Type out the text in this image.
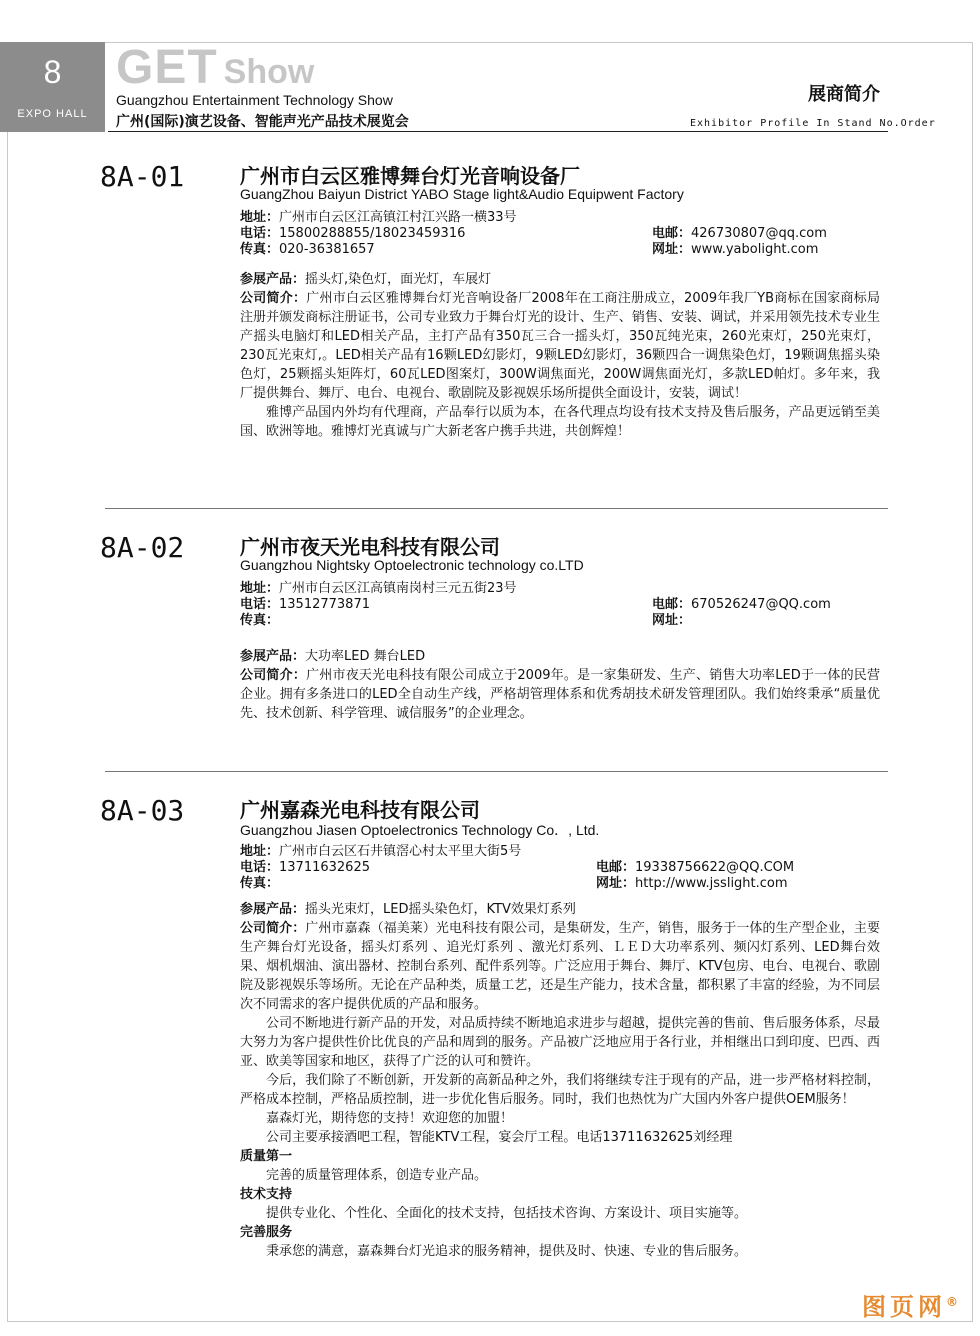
8
EXPO HALL
GET Show
Guangzhou Entertainment Technology Show
广州(国际)演艺设备、智能声光产品技术展览会
展商简介
Exhibitor Profile In Stand No.Order
8A-01	广州市白云区雅博舞台灯光音响设备厂
GuangZhou Baiyun District YABO Stage light&Audio Equipwent Factory
地址：广州市白云区江高镇江村江兴路一横33号
电话：15800288855/18023459316
传真：020-36381657
电邮：426730807@qq.com
网址：www.yabolight.com

参展产品：摇头灯,染色灯，面光灯，车展灯

公司简介：广州市白云区雅博舞台灯光音响设备厂2008年在工商注册成立，2009年我厂YB商标在国家商标局注册并颁发商标注册证书，公司专业致力于舞台灯光的设计、生产、销售、安装、调试，并采用领先技术专业生产摇头电脑灯和LED相关产品，主打产品有350瓦三合一摇头灯，350瓦纯光束，260光束灯，250光束灯，230瓦光束灯,。LED相关产品有16颗LED幻影灯，9颗LED幻影灯，36颗四合一调焦染色灯，19颗调焦摇头染色灯，25颗摇头矩阵灯，60瓦LED图案灯，300W调焦面光，200W调焦面光灯，多款LED帕灯。多年来，我厂提供舞台、舞厅、电台、电视台、歌剧院及影视娱乐场所提供全面设计，安装，调试！

雅博产品国内外均有代理商，产品奉行以质为本，在各代理点均设有技术支持及售后服务，产品更远销至美国、欧洲等地。雅博灯光真诚与广大新老客户携手共进，共创辉煌！

8A-02	广州市夜天光电科技有限公司
Guangzhou Nightsky Optoelectronic technology co.LTD
地址：广州市白云区江高镇南岗村三元五街23号
电话：13512773871
传真：
电邮：670526247@QQ.com
网址：

参展产品：大功率LED 舞台LED

公司简介：广州市夜天光电科技有限公司成立于2009年。是一家集研发、生产、销售大功率LED于一体的民营企业。拥有多条进口的LED全自动生产线，严格胡管理体系和优秀胡技术研发管理团队。我们始终秉承“质量优先、技术创新、科学管理、诚信服务”的企业理念。

8A-03	广州嘉森光电科技有限公司
Guangzhou Jiasen Optoelectronics Technology Co．, Ltd.
地址：广州市白云区石井镇滘心村太平里大街5号
电话：13711632625
传真：
电邮：19338756622@QQ.COM
网址：http://www.jsslight.com

参展产品：摇头光束灯，LED摇头染色灯，KTV效果灯系列

公司简介：广州市嘉森（福美莱）光电科技有限公司，是集研发，生产，销售，服务于一体的生产型企业，主要生产舞台灯光设备，摇头灯系列 、追光灯系列 、激光灯系列、ＬＥＤ大功率系列、频闪灯系列、LED舞台效果、烟机烟油、演出器材、控制台系列、配件系列等。广泛应用于舞台、舞厅、KTV包房、电台、电视台、歌剧院及影视娱乐等场所。无论在产品种类，质量工艺，还是生产能力，技术含量，都积累了丰富的经验，为不同层次不同需求的客户提供优质的产品和服务。

公司不断地进行新产品的开发，对品质持续不断地追求进步与超越，提供完善的售前、售后服务体系，尽最大努力为客户提供性价比优良的产品和周到的服务。产品被广泛地应用于各行业，并相继出口到印度、巴西、西亚、欧美等国家和地区，获得了广泛的认可和赞许。

今后，我们除了不断创新，开发新的高新品种之外，我们将继续专注于现有的产品，进一步严格材料控制，严格成本控制，严格品质控制，进一步优化售后服务。同时，我们也热忱为广大国内外客户提供OEM服务！

嘉森灯光，期待您的支持！欢迎您的加盟！

公司主要承接酒吧工程，智能KTV工程，宴会厅工程。电话13711632625刘经理

质量第一

完善的质量管理体系，创造专业产品。

技术支持

提供专业化、个性化、全面化的技术支持，包括技术咨询、方案设计、项目实施等。

完善服务

秉承您的满意，嘉森舞台灯光追求的服务精神，提供及时、快速、专业的售后服务。

图页网®
